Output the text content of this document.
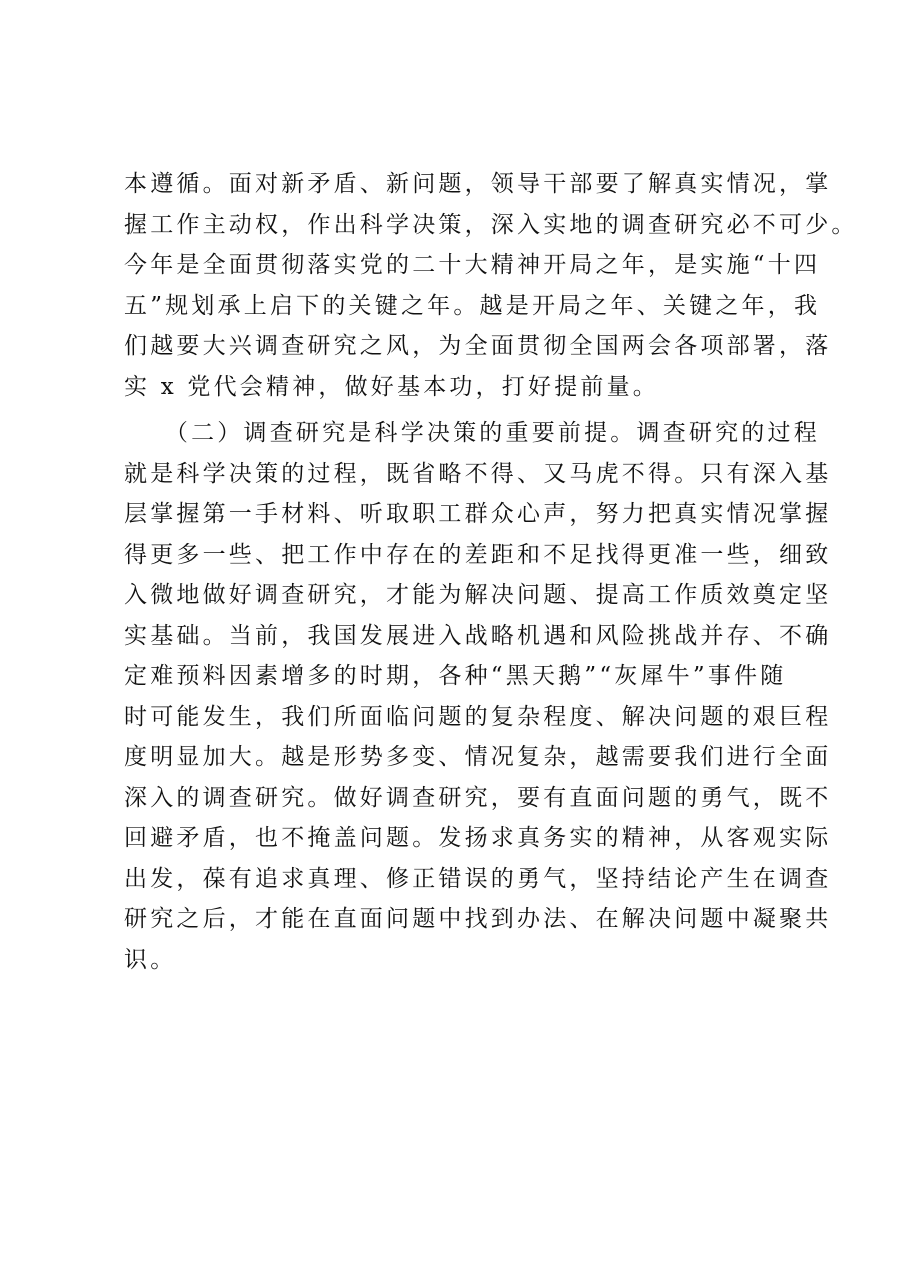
本遵循。面对新矛盾、新问题，领导干部要了解真实情况，掌
握工作主动权，作出科学决策，深入实地的调查研究必不可少。
今年是全面贯彻落实党的二十大精神开局之年，是实施“十四
五”规划承上启下的关键之年。越是开局之年、关键之年，我
们越要大兴调查研究之风，为全面贯彻全国两会各项部署，落
实 x 党代会精神，做好基本功，打好提前量。
　　（二）调查研究是科学决策的重要前提。调查研究的过程
就是科学决策的过程，既省略不得、又马虎不得。只有深入基
层掌握第一手材料、听取职工群众心声，努力把真实情况掌握
得更多一些、把工作中存在的差距和不足找得更准一些，细致
入微地做好调查研究，才能为解决问题、提高工作质效奠定坚
实基础。当前，我国发展进入战略机遇和风险挑战并存、不确
定难预料因素增多的时期，各种“黑天鹅”“灰犀牛”事件随
时可能发生，我们所面临问题的复杂程度、解决问题的艰巨程
度明显加大。越是形势多变、情况复杂，越需要我们进行全面
深入的调查研究。做好调查研究，要有直面问题的勇气，既不
回避矛盾，也不掩盖问题。发扬求真务实的精神，从客观实际
出发，葆有追求真理、修正错误的勇气，坚持结论产生在调查
研究之后，才能在直面问题中找到办法、在解决问题中凝聚共
识。
